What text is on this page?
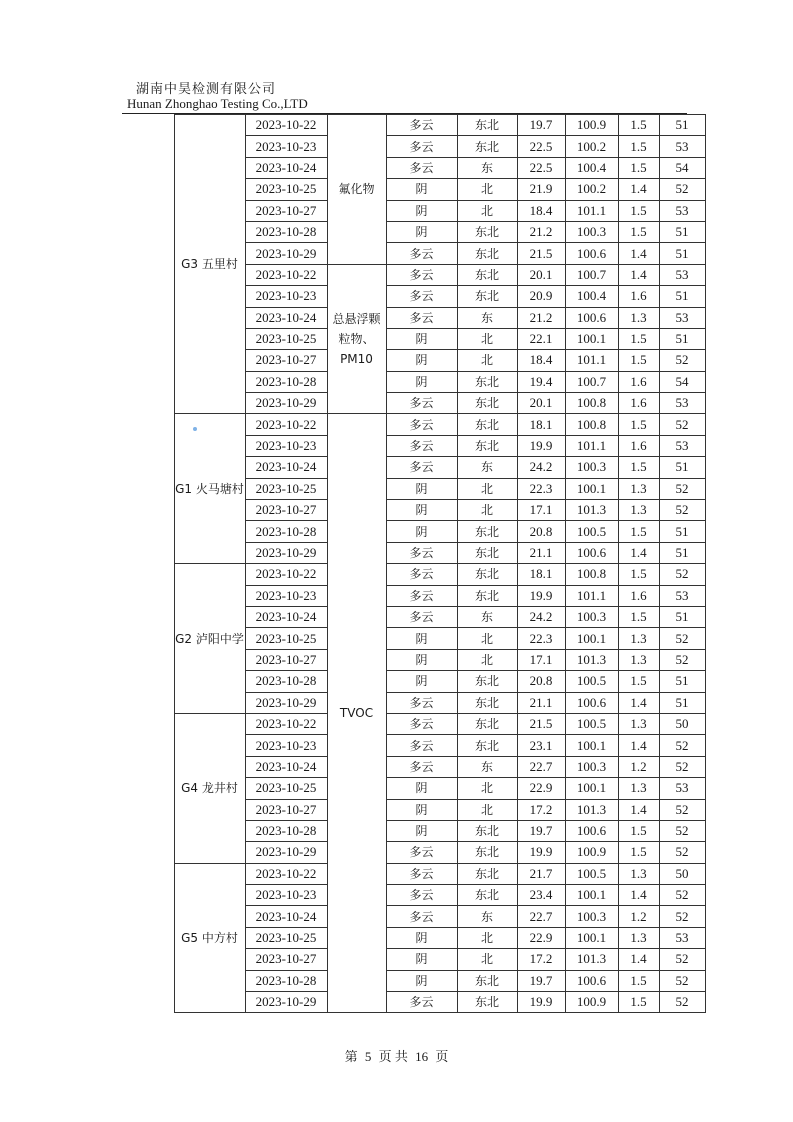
湖南中昊检测有限公司
Hunan Zhonghao Testing Co.,LTD
	G3 五里村	2023-10-22	氟化物	多云	东北	19.7	100.9	1.5	51
		2023-10-23		多云	东北	22.5	100.2	1.5	53
		2023-10-24		多云	东	22.5	100.4	1.5	54
		2023-10-25		阴	北	21.9	100.2	1.4	52
		2023-10-27		阴	北	18.4	101.1	1.5	53
		2023-10-28		阴	东北	21.2	100.3	1.5	51
		2023-10-29		多云	东北	21.5	100.6	1.4	51
		2023-10-22	总悬浮颗粒物、PM10	多云	东北	20.1	100.7	1.4	53
		2023-10-23		多云	东北	20.9	100.4	1.6	51
		2023-10-24		多云	东	21.2	100.6	1.3	53
		2023-10-25		阴	北	22.1	100.1	1.5	51
		2023-10-27		阴	北	18.4	101.1	1.5	52
		2023-10-28		阴	东北	19.4	100.7	1.6	54
		2023-10-29		多云	东北	20.1	100.8	1.6	53
	G1 火马塘村	2023-10-22	TVOC	多云	东北	18.1	100.8	1.5	52
		2023-10-23		多云	东北	19.9	101.1	1.6	53
		2023-10-24		多云	东	24.2	100.3	1.5	51
		2023-10-25		阴	北	22.3	100.1	1.3	52
		2023-10-27		阴	北	17.1	101.3	1.3	52
		2023-10-28		阴	东北	20.8	100.5	1.5	51
		2023-10-29		多云	东北	21.1	100.6	1.4	51
	G2 泸阳中学	2023-10-22		多云	东北	18.1	100.8	1.5	52
		2023-10-23		多云	东北	19.9	101.1	1.6	53
		2023-10-24		多云	东	24.2	100.3	1.5	51
		2023-10-25		阴	北	22.3	100.1	1.3	52
		2023-10-27		阴	北	17.1	101.3	1.3	52
		2023-10-28		阴	东北	20.8	100.5	1.5	51
		2023-10-29		多云	东北	21.1	100.6	1.4	51
	G4 龙井村	2023-10-22		多云	东北	21.5	100.5	1.3	50
		2023-10-23		多云	东北	23.1	100.1	1.4	52
		2023-10-24		多云	东	22.7	100.3	1.2	52
		2023-10-25		阴	北	22.9	100.1	1.3	53
		2023-10-27		阴	北	17.2	101.3	1.4	52
		2023-10-28		阴	东北	19.7	100.6	1.5	52
		2023-10-29		多云	东北	19.9	100.9	1.5	52
	G5 中方村	2023-10-22		多云	东北	21.7	100.5	1.3	50
		2023-10-23		多云	东北	23.4	100.1	1.4	52
		2023-10-24		多云	东	22.7	100.3	1.2	52
		2023-10-25		阴	北	22.9	100.1	1.3	53
		2023-10-27		阴	北	17.2	101.3	1.4	52
		2023-10-28		阴	东北	19.7	100.6	1.5	52
		2023-10-29		多云	东北	19.9	100.9	1.5	52
第 5 页 共 16 页
